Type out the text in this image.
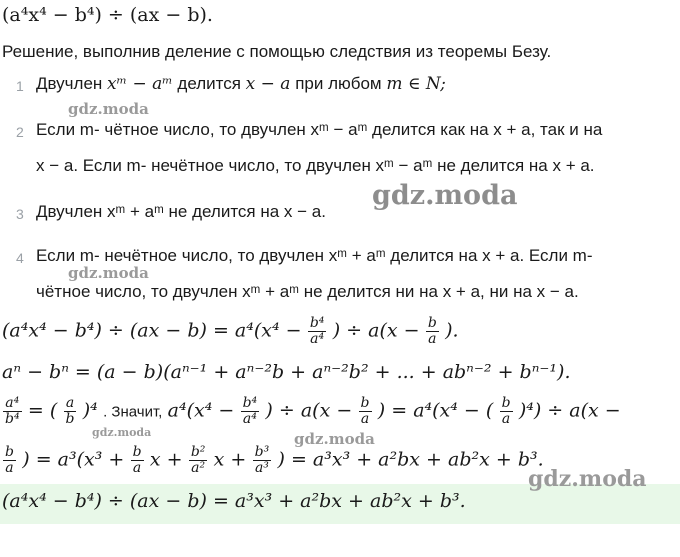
(a⁴x⁴ − b⁴) ÷ (ax − b).
Решение, выполнив деление с помощью следствия из теоремы Безу.
1 Двучлен xᵐ − aᵐ делится x − a при любом m ∈ N;
2 Если m- чётное число, то двучлен xᵐ − aᵐ делится как на x + a, так и на
x − a. Если m- нечётное число, то двучлен xᵐ − aᵐ не делится на x + a.
3 Двучлен xᵐ + aᵐ не делится на x − a.
4 Если m- нечётное число, то двучлен xᵐ + aᵐ делится на x + a. Если m-
чётное число, то двучлен xᵐ + aᵐ не делится ни на x + a, ни на x − a.
$(a^4x^4 - b^4) \div (ax - b) = a^4(x^4 - \frac{\text{b⁴}}{\text{a⁴}}$ ) ÷ $a(x - \frac{b}{a}$ ).
aⁿ − bⁿ = (a − b)(aⁿ⁻¹ + aⁿ⁻²b + aⁿ⁻²b² + ... + abⁿ⁻² + bⁿ⁻¹).
$\frac{\text{a⁴}}{\text{b⁴}}$ = ( $\frac{a}{b} )^4$ . Значит, $a^4(x^4 - \frac{\text{b⁴}}{\text{a⁴}}$ ) ÷ $a(x - \frac{b}{a}$ ) = a⁴(x⁴ − ( $\frac{b}{a} )^4) \div a(x$ −
$\frac{b}{a}$ ) = $a^3(x^3 + \frac{b}{a}$ $x + \frac{\text{b²}}{\text{a²}}$ $x + \frac{\text{b³}}{\text{a³}}$ ) = a³x³ + a²bx + ab²x + b³.
(a⁴x⁴ − b⁴) ÷ (ax − b) = a³x³ + a²bx + ab²x + b³.
gdz.moda
gdz.moda
gdz.moda
gdz.moda	gdz.moda
gdz.moda
